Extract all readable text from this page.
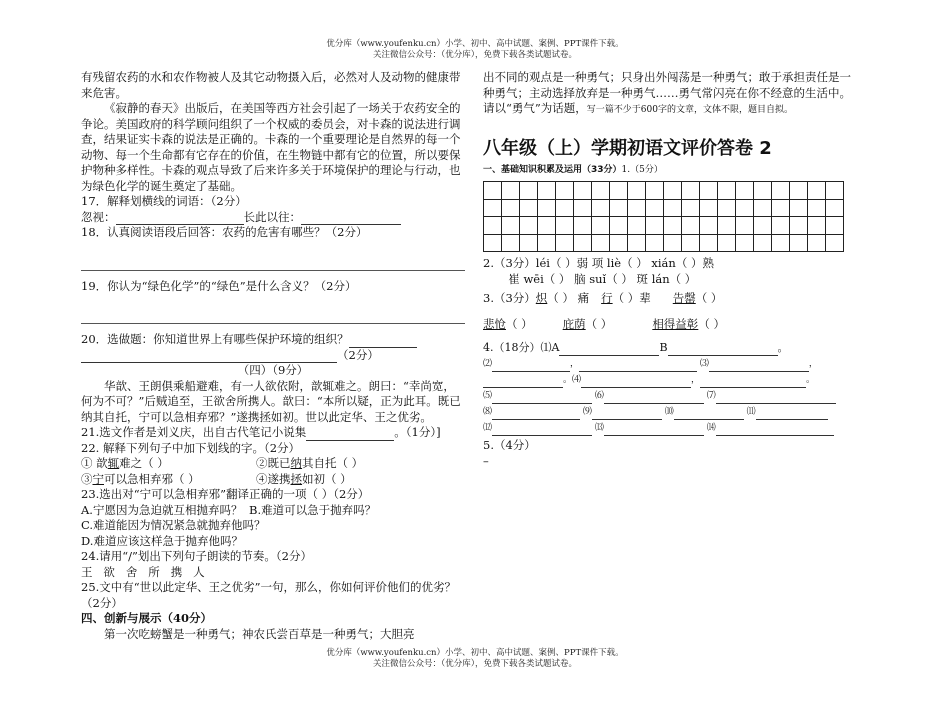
优分库（www.youfenku.cn）小学、初中、高中试题、案例、PPT课件下载。
关注微信公众号：（优分库），免费下载各类试题试卷。

有残留农药的水和农作物被人及其它动物摄入后，必然对人及动物的健康带来危害。

《寂静的春天》出版后，在美国等西方社会引起了一场关于农药安全的争论。美国政府的科学顾问组织了一个权威的委员会，对卡森的说法进行调查，结果证实卡森的说法是正确的。卡森的一个重要理论是自然界的每一个动物、每一个生命都有它存在的价值，在生物链中都有它的位置，所以要保护物种多样性。卡森的观点导致了后来许多关于环境保护的理论与行动，也为绿色化学的诞生奠定了基础。

17．解释划横线的词语：（2分）

忽视：	长此以往：

18．认真阅读语段后回答：农药的危害有哪些？（2分）

19．你认为“绿色化学”的“绿色”是什么含义？（2分）

20．选做题：你知道世界上有哪些保护环境的组织？

（2分）

（四）（9分）

华歆、王朗俱乘船避难，有一人欲依附，歆辄难之。朗曰：“幸尚宽，何为不可？”后贼追至，王欲舍所携人。歆曰：“本所以疑，正为此耳。既已纳其自托，宁可以急相弃邪？”遂携拯如初。世以此定华、王之优劣。

21.选文作者是刘义庆，出自古代笔记小说集	。（1分）]

22. 解释下列句子中加下划线的字。（2分）

① 歆辄难之（ ）	②既已纳其自托（ ）

③宁可以急相弃邪（ ）	④遂携拯如初（ ）

23.选出对“宁可以急相弃邪”翻译正确的一项（ ）（2分）

A.宁愿因为急迫就互相抛弃吗？ B.难道可以急于抛弃吗？

C.难道能因为情况紧急就抛弃他吗？

D.难道应该这样急于抛弃他吗？

24.请用“/”划出下列句子朗读的节奏。（2分）

王欲舍所携人

25.文中有“世以此定华、王之优劣”一句，那么，你如何评价他们的优劣？（2分）

四、创新与展示（40分）

第一次吃螃蟹是一种勇气；神农氏尝百草是一种勇气；大胆亮

出不同的观点是一种勇气；只身出外闯荡是一种勇气；敢于承担责任是一种勇气；主动选择放弃是一种勇气……勇气常闪亮在你不经意的生活中。请以“勇气”为话题，写一篇不少于600字的文章，文体不限，题目自拟。

八年级（上）学期初语文评价答卷 2
一、基础知识积累及运用（33分）1.（5分）

2.（3分）léi（ ）弱 项 liè（ ） xián（ ）熟

崔 wēi（ ） 脑 suǐ（ ） 斑 lán（ ）

3.（3分）炽（ ） 痛 行（ ）辈 告罄（ ）

悲怆（ ）	庇荫（ ）	相得益彰（ ）

4.（18分）⑴A	B	。
⑵	，	⑶	，
。⑷	，	。
⑸	⑹	⑺
⑻	⑼	⑽	⑾
⑿	⒀	⒁

5.（4分）

–

优分库（www.youfenku.cn）小学、初中、高中试题、案例、PPT课件下载。
关注微信公众号：（优分库），免费下载各类试题试卷。
